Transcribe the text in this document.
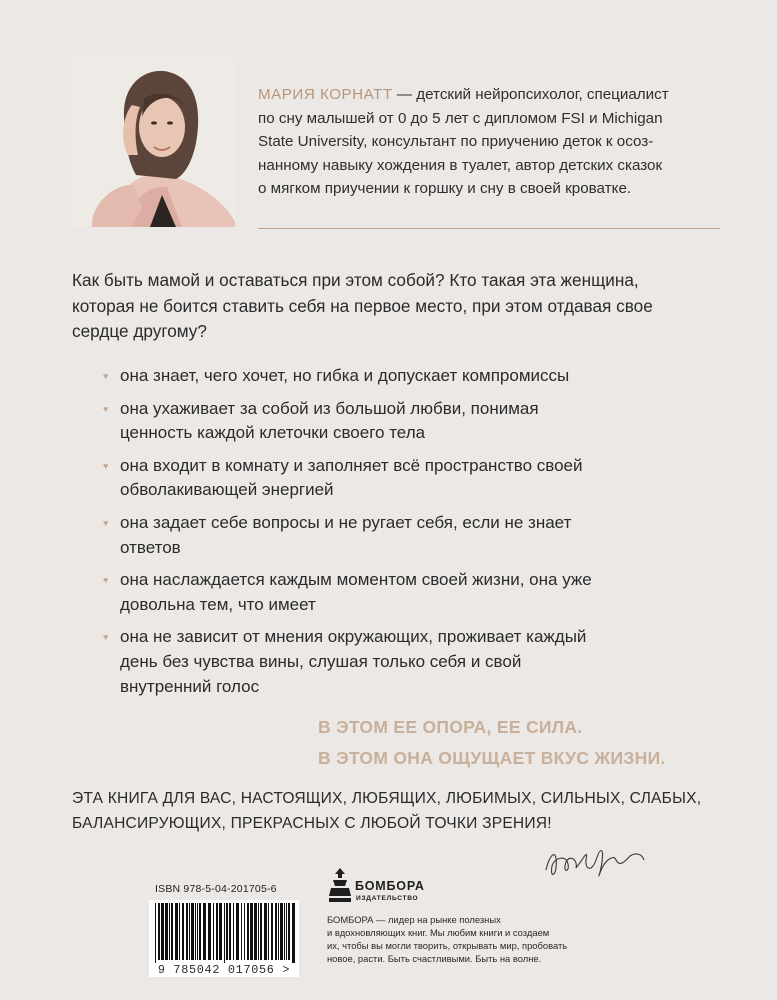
МАРИЯ КОРНАТТ — детский нейропсихолог, специалист
по сну малышей от 0 до 5 лет с дипломом FSI и Michigan
State University, консультант по приучению деток к осоз-
нанному навыку хождения в туалет, автор детских сказок
о мягком приучении к горшку и сну в своей кроватке.
Как быть мамой и оставаться при этом собой? Кто такая эта женщина,
которая не боится ставить себя на первое место, при этом отдавая свое
сердце другому?
♥ она знает, чего хочет, но гибка и допускает компромиссы
♥ она ухаживает за собой из большой любви, понимая
ценность каждой клеточки своего тела
♥ она входит в комнату и заполняет всё пространство своей
обволакивающей энергией
♥ она задает себе вопросы и не ругает себя, если не знает
ответов
♥ она наслаждается каждым моментом своей жизни, она уже
довольна тем, что имеет
♥ она не зависит от мнения окружающих, проживает каждый
день без чувства вины, слушая только себя и свой
внутренний голос
В ЭТОМ ЕЕ ОПОРА, ЕЕ СИЛА.
В ЭТОМ ОНА ОЩУЩАЕТ ВКУС ЖИЗНИ.
ЭТА КНИГА ДЛЯ ВАС, НАСТОЯЩИХ, ЛЮБЯЩИХ, ЛЮБИМЫХ, СИЛЬНЫХ, СЛАБЫХ,
БАЛАНСИРУЮЩИХ, ПРЕКРАСНЫХ С ЛЮБОЙ ТОЧКИ ЗРЕНИЯ!
ISBN 978-5-04-201705-6
9 785042 017056 >
БОМБОРА
ИЗДАТЕЛЬСТВО
БОМБОРА — лидер на рынке полезных
и вдохновляющих книг. Мы любим книги и создаем
их, чтобы вы могли творить, открывать мир, пробовать
новое, расти. Быть счастливыми. Быть на волне.
